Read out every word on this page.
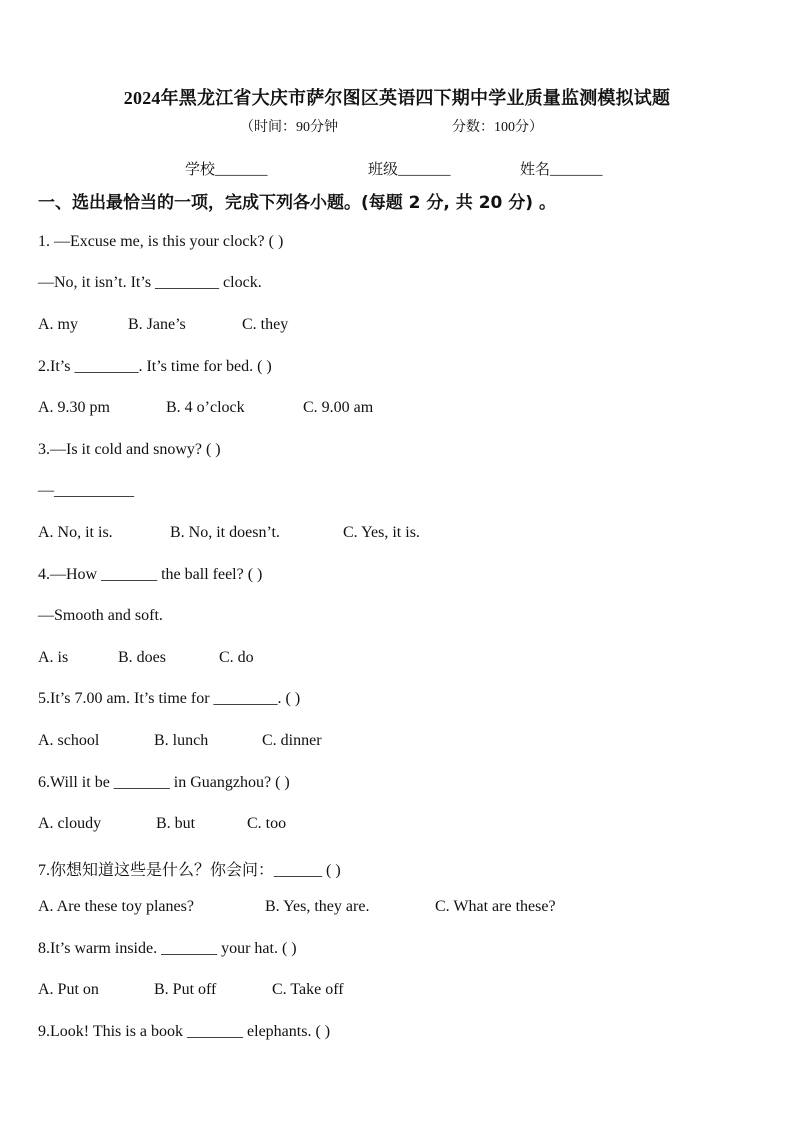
2024年黑龙江省大庆市萨尔图区英语四下期中学业质量监测模拟试题
（时间：90分钟	分数：100分）
学校_______	班级_______	姓名_______
一、选出最恰当的一项，完成下列各小题。(每题 2 分, 共 20 分) 。
1. —Excuse me, is this your clock? ( )
—No, it isn’t. It’s ________ clock.
A. my	B. Jane’s	C. they
2.It’s ________. It’s time for bed. ( )
A. 9.30 pm	B. 4 o’clock	C. 9.00 am
3.—Is it cold and snowy? ( )
—__________
A. No, it is.	B. No, it doesn’t.	C. Yes, it is.
4.—How _______ the ball feel? ( )
—Smooth and soft.
A. is	B. does	C. do
5.It’s 7.00 am. It’s time for ________. ( )
A. school	B. lunch	C. dinner
6.Will it be _______ in Guangzhou? ( )
A. cloudy	B. but	C. too
7.你想知道这些是什么？你会问：______ ( )
A. Are these toy planes?	B. Yes, they are.	C. What are these?
8.It’s warm inside. _______ your hat. ( )
A. Put on	B. Put off	C. Take off
9.Look! This is a book _______ elephants. ( )
